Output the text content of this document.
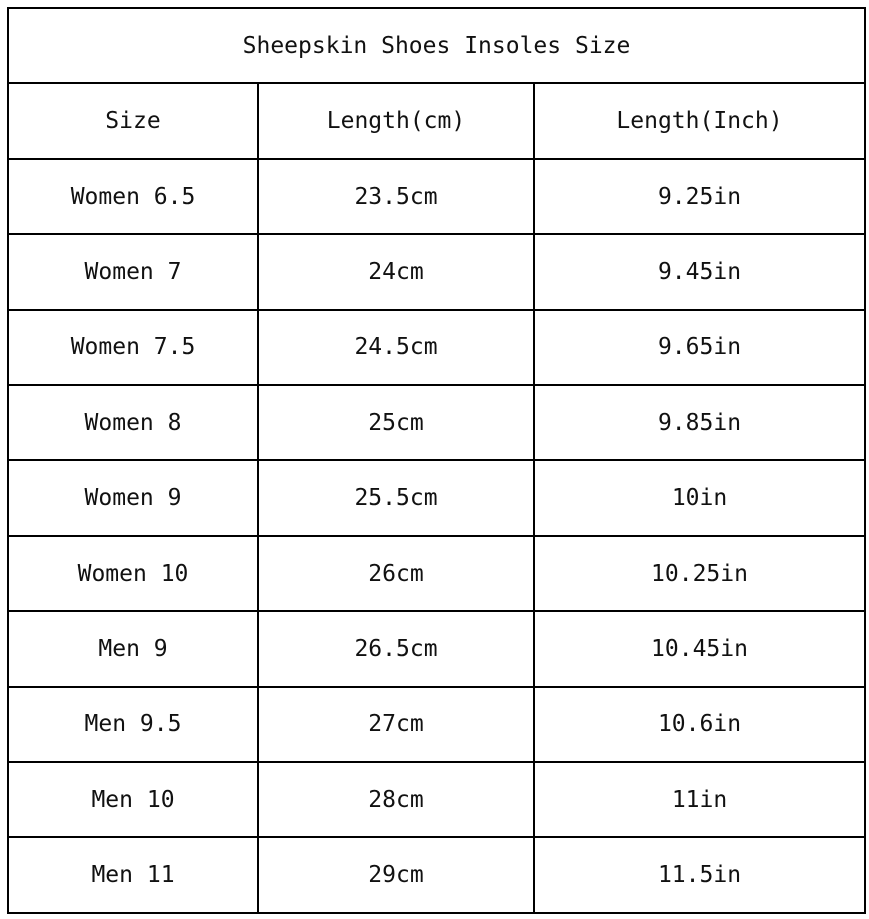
Sheepskin Shoes Insoles Size		
Size	Length(cm)	Length(Inch)
Women 6.5	23.5cm	9.25in
Women 7	24cm	9.45in
Women 7.5	24.5cm	9.65in
Women 8	25cm	9.85in
Women 9	25.5cm	10in
Women 10	26cm	10.25in
Men 9	26.5cm	10.45in
Men 9.5	27cm	10.6in
Men 10	28cm	11in
Men 11	29cm	11.5in
